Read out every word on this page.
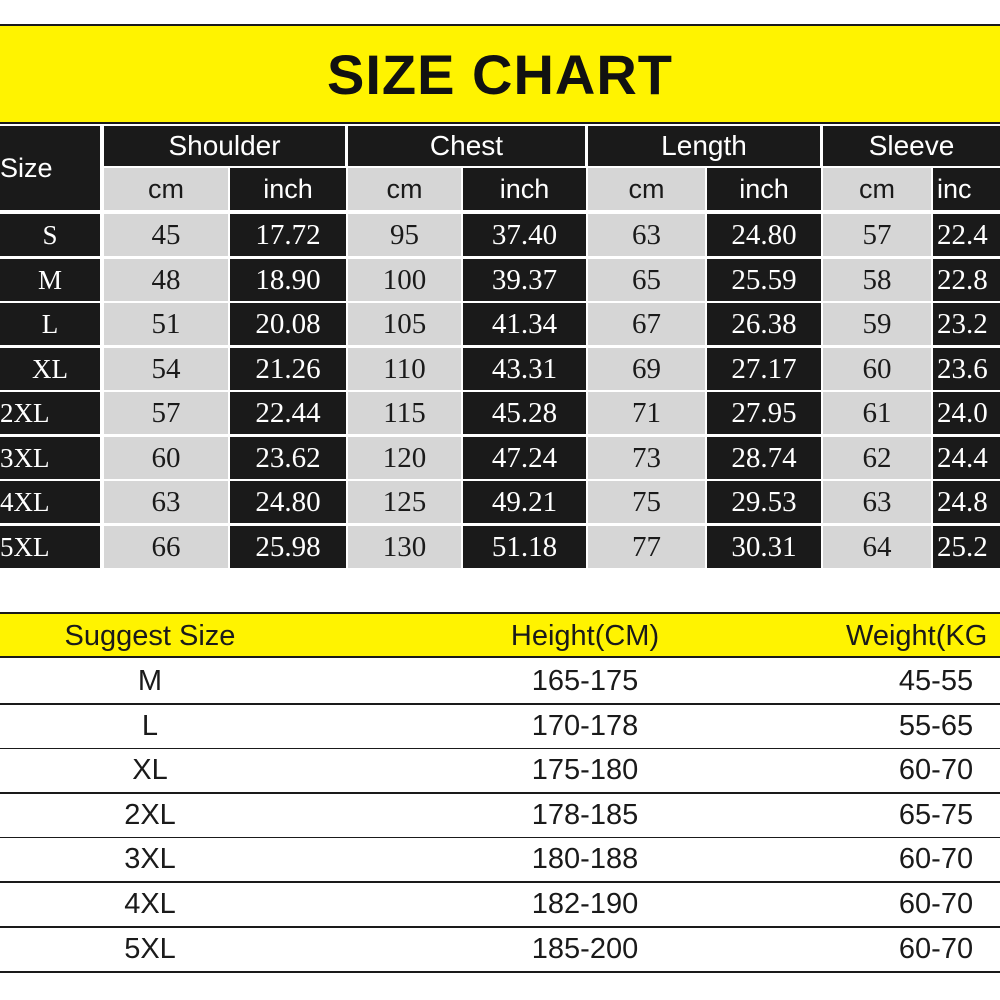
SIZE CHART
Size
Shoulder	Chest	Length	Sleeve
cm	inch	cm	inch	cm	inch	cm	inc
S	45	17.72	95	37.40	63	24.80	57	22.4
M	48	18.90	100	39.37	65	25.59	58	22.8
L	51	20.08	105	41.34	67	26.38	59	23.2
XL	54	21.26	110	43.31	69	27.17	60	23.6
2XL	57	22.44	115	45.28	71	27.95	61	24.0
3XL	60	23.62	120	47.24	73	28.74	62	24.4
4XL	63	24.80	125	49.21	75	29.53	63	24.8
5XL	66	25.98	130	51.18	77	30.31	64	25.2
Suggest Size	Height(CM)	Weight(KG
M	165-175	45-55
L	170-178	55-65
XL	175-180	60-70
2XL	178-185	65-75
3XL	180-188	60-70
4XL	182-190	60-70
5XL	185-200	60-70
